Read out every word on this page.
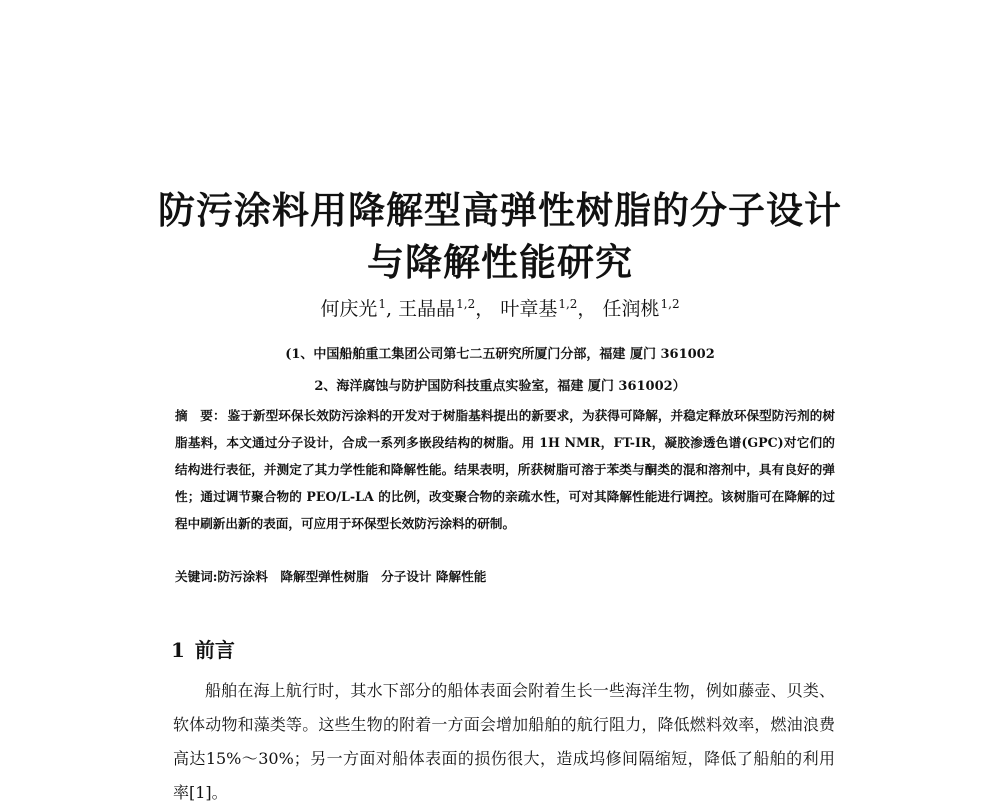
防污涂料用降解型高弹性树脂的分子设计
与降解性能研究
何庆光$^1$, 王晶晶$^{1,2}$， 叶章基$^{1,2}$， 任润桃$^{1,2}$
(1、中国船舶重工集团公司第七二五研究所厦门分部，福建 厦门 361002
2、海洋腐蚀与防护国防科技重点实验室，福建 厦门 361002）
摘　要： 鉴于新型环保长效防污涂料的开发对于树脂基料提出的新要求，为获得可降解，并稳定释放环保型防污剂的树脂基料，本文通过分子设计，合成一系列多嵌段结构的树脂。用 1H NMR，FT-IR，凝胶渗透色谱(GPC)对它们的结构进行表征，并测定了其力学性能和降解性能。结果表明，所获树脂可溶于苯类与酮类的混和溶剂中，具有良好的弹性；通过调节聚合物的 PEO/L-LA 的比例，改变聚合物的亲疏水性，可对其降解性能进行调控。该树脂可在降解的过程中刷新出新的表面，可应用于环保型长效防污涂料的研制。
关键词:防污涂料　降解型弹性树脂　分子设计 降解性能
1 前言

船舶在海上航行时，其水下部分的船体表面会附着生长一些海洋生物，例如藤壶、贝类、软体动物和藻类等。这些生物的附着一方面会增加船舶的航行阻力，降低燃料效率，燃油浪费高达15%～30%；另一方面对船体表面的损伤很大，造成坞修间隔缩短，降低了船舶的利用率[1]。
